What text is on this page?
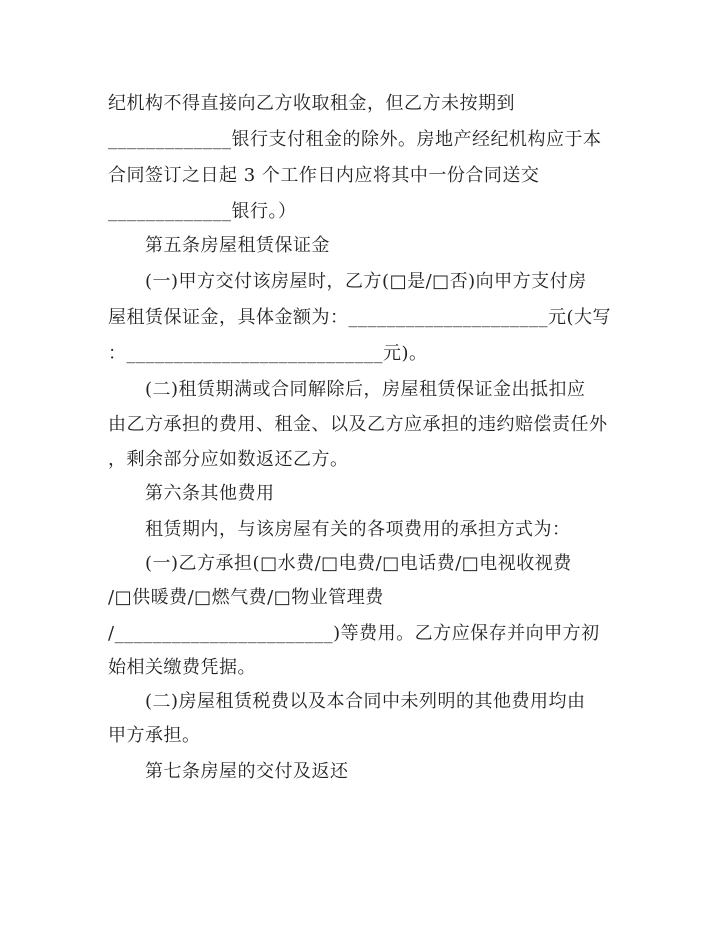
纪机构不得直接向乙方收取租金，但乙方未按期到
_____________银行支付租金的除外。房地产经纪机构应于本
合同签订之日起 3 个工作日内应将其中一份合同送交
_____________银行。）
第五条房屋租赁保证金
(一)甲方交付该房屋时，乙方(□是/□否)向甲方支付房
屋租赁保证金，具体金额为：_____________________元(大写
：___________________________元)。
(二)租赁期满或合同解除后，房屋租赁保证金出抵扣应
由乙方承担的费用、租金、以及乙方应承担的违约赔偿责任外
，剩余部分应如数返还乙方。
第六条其他费用
租赁期内，与该房屋有关的各项费用的承担方式为：
(一)乙方承担(□水费/□电费/□电话费/□电视收视费
/□供暖费/□燃气费/□物业管理费
/_______________________)等费用。乙方应保存并向甲方初
始相关缴费凭据。
(二)房屋租赁税费以及本合同中未列明的其他费用均由
甲方承担。
第七条房屋的交付及返还
